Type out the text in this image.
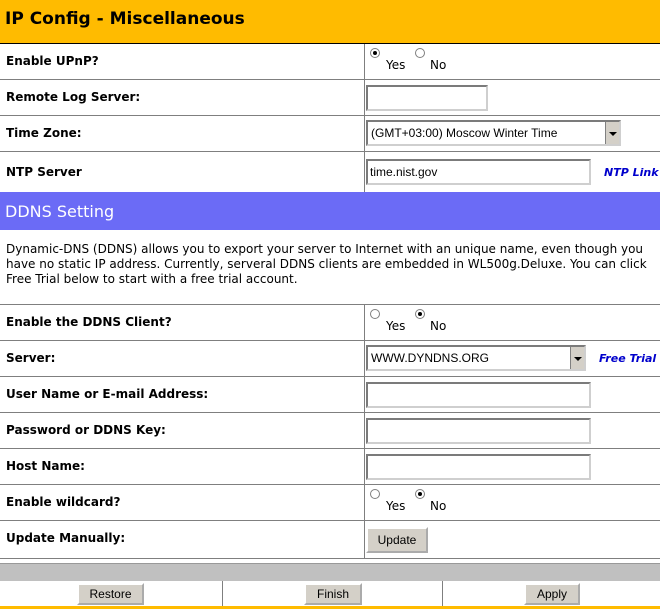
IP Config - Miscellaneous
Enable UPnP?	Yes No
Remote Log Server:
Time Zone:	(GMT+03:00) Moscow Winter Time
NTP Server	time.nist.gov	NTP Link
DDNS Setting
Dynamic-DNS (DDNS) allows you to export your server to Internet with an unique name, even though you have no static IP address. Currently, serveral DDNS clients are embedded in WL500g.Deluxe. You can click Free Trial below to start with a free trial account.
Enable the DDNS Client?	Yes No
Server:	WWW.DYNDNS.ORG	Free Trial
User Name or E-mail Address:
Password or DDNS Key:
Host Name:
Enable wildcard?	Yes No
Update Manually:	Update
Restore	Finish	Apply
